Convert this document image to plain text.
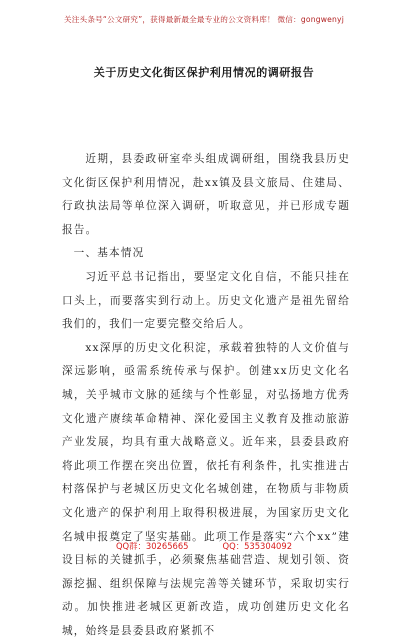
关注头条号“公文研究”，获得最新最全最专业的公文资料库！ 微信：gongwenyj
关于历史文化街区保护利用情况的调研报告

近期，县委政研室牵头组成调研组，围绕我县历史文化街区保护利用情况，赴xx镇及县文旅局、住建局、行政执法局等单位深入调研，听取意见，并已形成专题报告。

一、基本情况

习近平总书记指出，要坚定文化自信，不能只挂在口头上，而要落实到行动上。历史文化遗产是祖先留给我们的，我们一定要完整交给后人。

xx深厚的历史文化积淀，承载着独特的人文价值与深远影响，亟需系统传承与保护。创建xx历史文化名城，关乎城市文脉的延续与个性彰显，对弘扬地方优秀文化遗产赓续革命精神、深化爱国主义教育及推动旅游产业发展，均具有重大战略意义。近年来，县委县政府将此项工作摆在突出位置，依托有利条件，扎实推进古村落保护与老城区历史文化名城创建，在物质与非物质文化遗产的保护利用上取得积极进展，为国家历史文化名城申报奠定了坚实基础。此项工作是落实“六个xx”建设目标的关键抓手，必须聚焦基础营造、规划引领、资源挖掘、组织保障与法规完善等关键环节，采取切实行动。加快推进老城区更新改造，成功创建历史文化名城，始终是县委县政府紧抓不

QQ群：30265665	QQ：535304092
